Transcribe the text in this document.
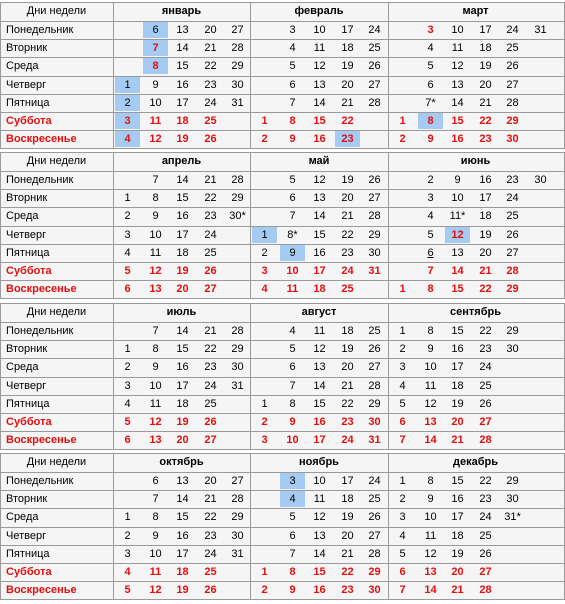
Дни недели
Понедельник
Вторник
Среда
Четверг
Пятница
Суббота
Воскресенье
январь
1
2
3
4
6
7
8
9
10
11
12
13
14
15
16
17
18
19
20
21
22
23
24
25
26
27
28
29
30
31
февраль
1
2
3
4
5
6
7
8
9
10
11
12
13
14
15
16
17
18
19
20
21
22
23
24
25
26
27
28
март
1
2
3
4
5
6
7*
8
9
10
11
12
13
14
15
16
17
18
19
20
21
22
23
24
25
26
27
28
29
30
31
Дни недели
Понедельник
Вторник
Среда
Четверг
Пятница
Суббота
Воскресенье
апрель
1
2
3
4
5
6
7
8
9
10
11
12
13
14
15
16
17
18
19
20
21
22
23
24
25
26
27
28
29
30*
май
1
2
3
4
5
6
7
8*
9
10
11
12
13
14
15
16
17
18
19
20
21
22
23
24
25
26
27
28
29
30
31
июнь
1
2
3
4
5
6
7
8
9
10
11*
12
13
14
15
16
17
18
19
20
21
22
23
24
25
26
27
28
29
30
Дни недели
Понедельник
Вторник
Среда
Четверг
Пятница
Суббота
Воскресенье
июль
1
2
3
4
5
6
7
8
9
10
11
12
13
14
15
16
17
18
19
20
21
22
23
24
25
26
27
28
29
30
31
август
1
2
3
4
5
6
7
8
9
10
11
12
13
14
15
16
17
18
19
20
21
22
23
24
25
26
27
28
29
30
31
сентябрь
1
2
3
4
5
6
7
8
9
10
11
12
13
14
15
16
17
18
19
20
21
22
23
24
25
26
27
28
29
30
Дни недели
Понедельник
Вторник
Среда
Четверг
Пятница
Суббота
Воскресенье
октябрь
1
2
3
4
5
6
7
8
9
10
11
12
13
14
15
16
17
18
19
20
21
22
23
24
25
26
27
28
29
30
31
ноябрь
1
2
3
4
5
6
7
8
9
10
11
12
13
14
15
16
17
18
19
20
21
22
23
24
25
26
27
28
29
30
декабрь
1
2
3
4
5
6
7
8
9
10
11
12
13
14
15
16
17
18
19
20
21
22
23
24
25
26
27
28
29
30
31*
